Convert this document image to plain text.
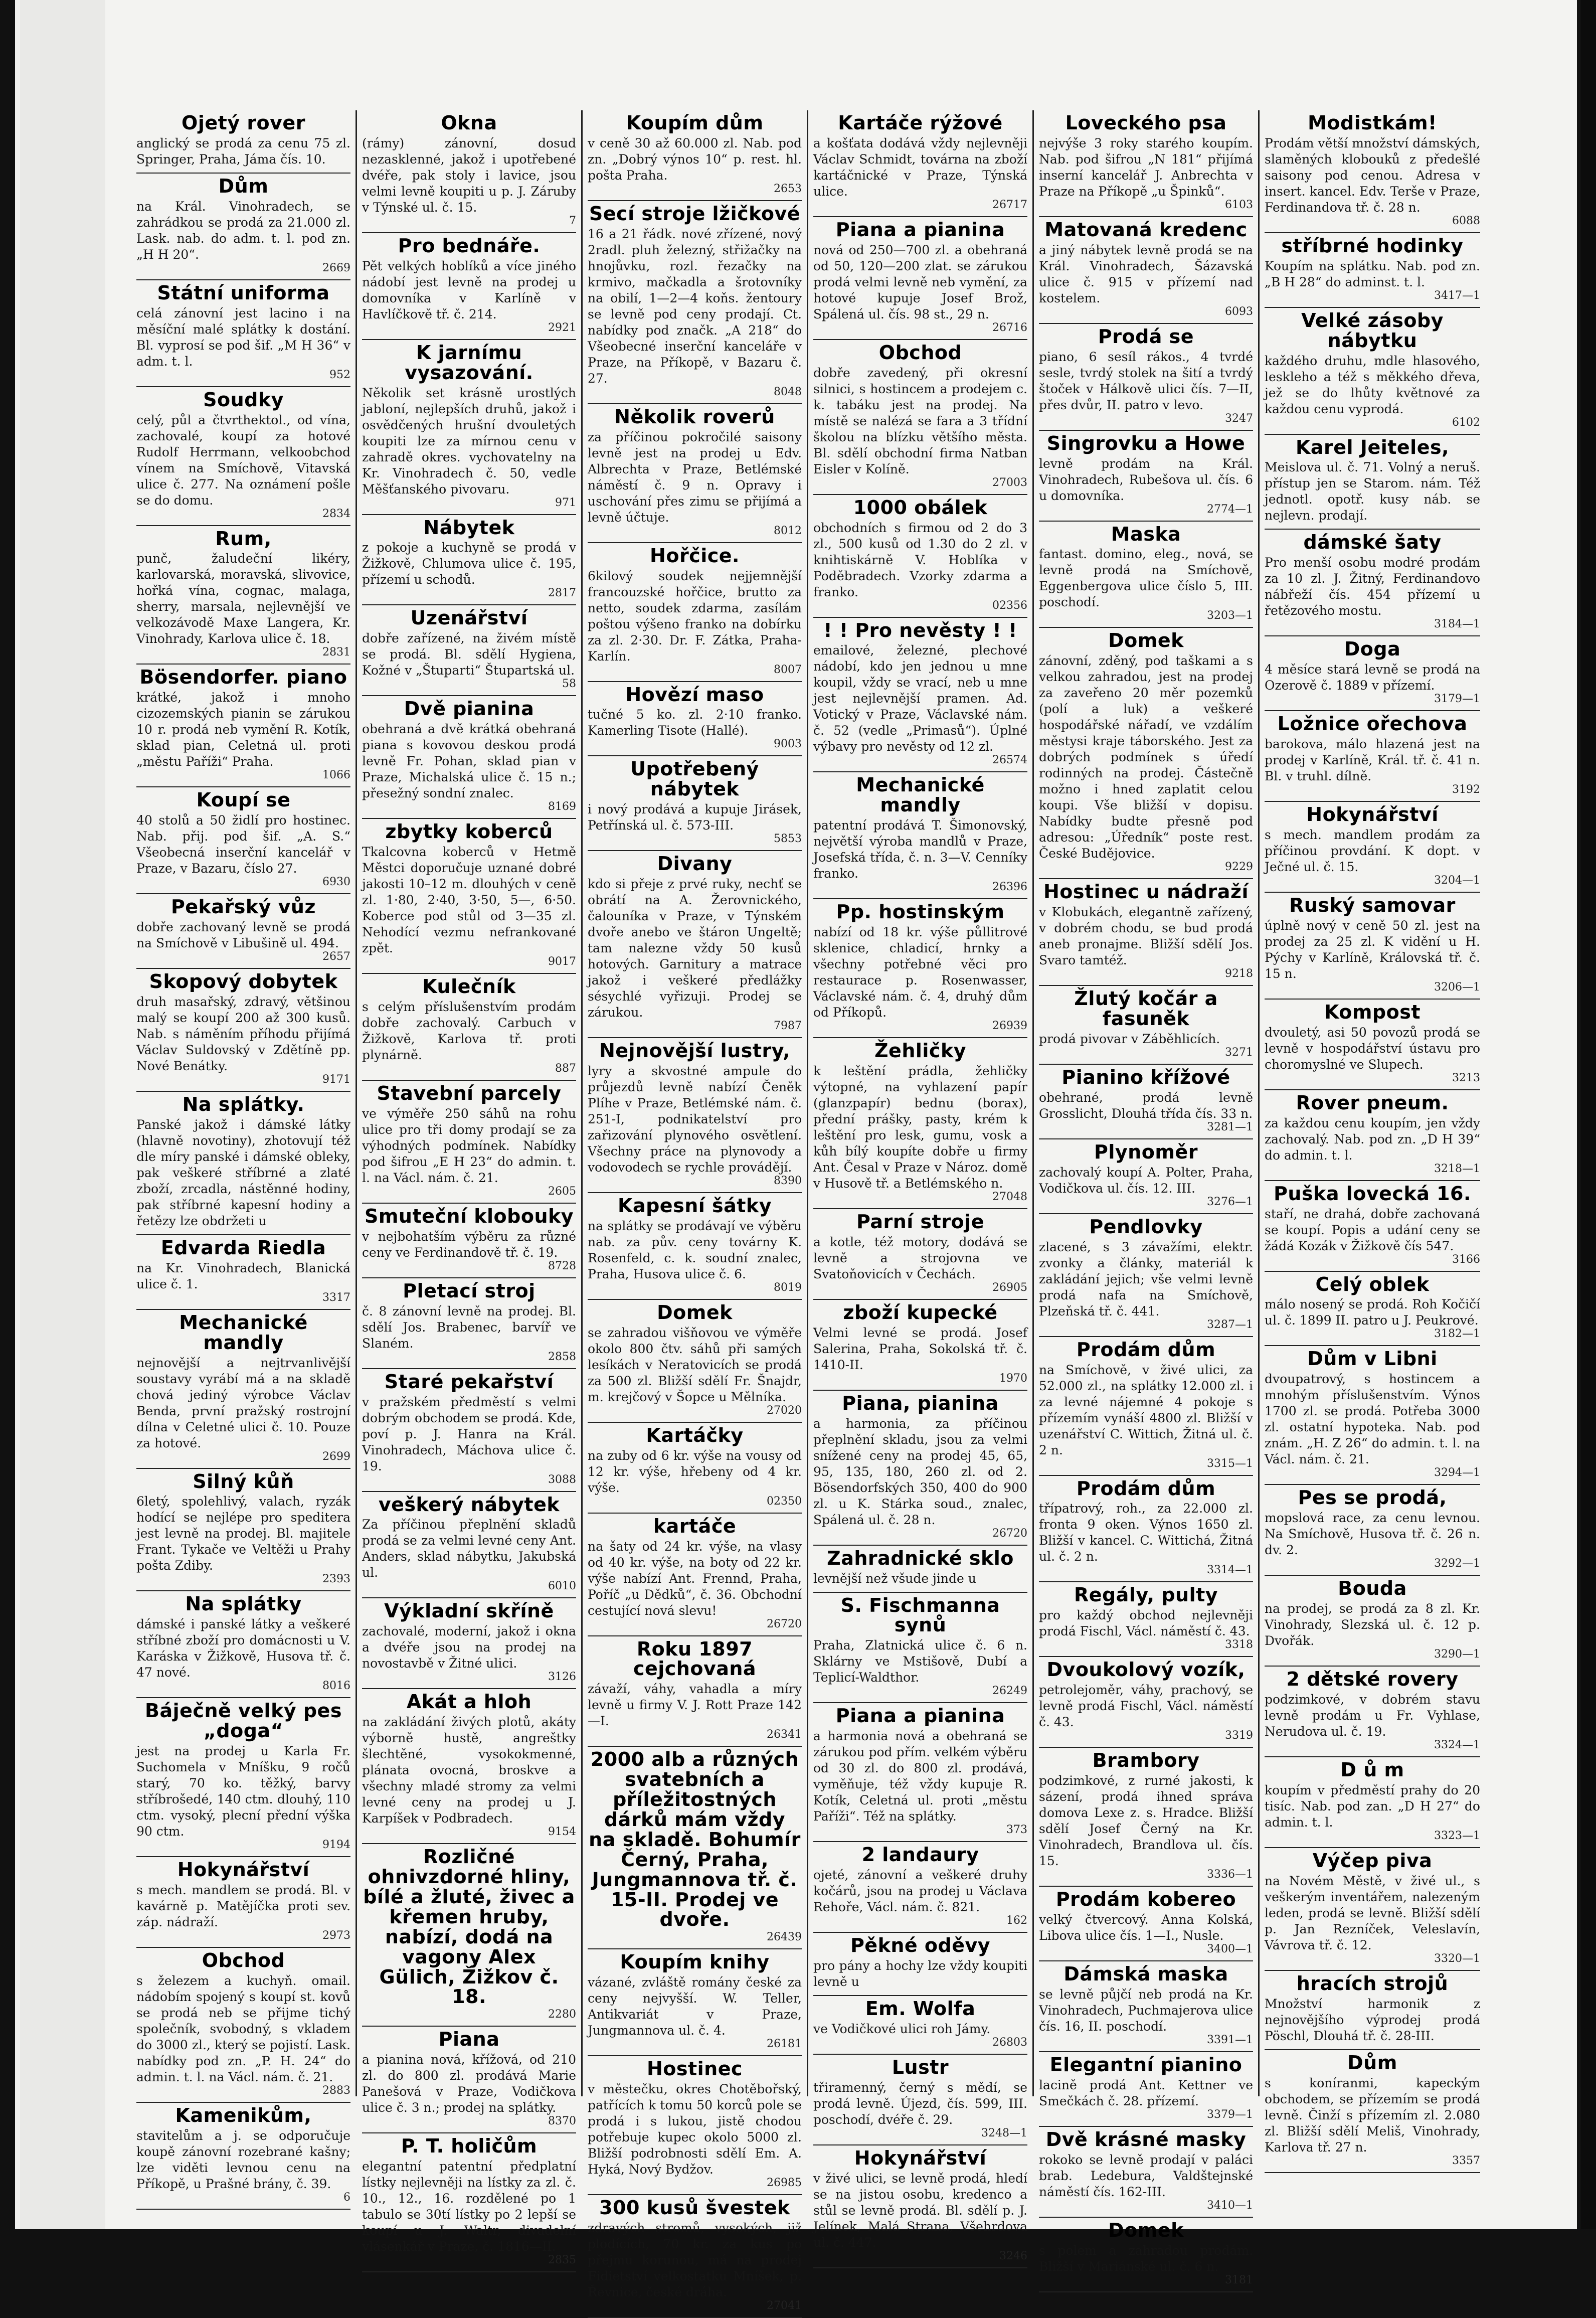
Ojetý rover
anglický se prodá za cenu 75 zl. Springer, Praha, Jáma čís. 10.
Dům
na Král. Vinohradech, se zahrádkou se prodá za 21.000 zl. Lask. nab. do adm. t. l. pod zn. „H H 20“.
2669
Státní uniforma
celá zánovní jest lacino i na měsíční malé splátky k dostání. Bl. vyprosí se pod šif. „M H 36“ v adm. t. l.
952
Soudky
celý, půl a čtvrthektol., od vína, zachovalé, koupí za hotové Rudolf Herrmann, velkoobchod vínem na Smíchově, Vitavská ulice č. 277. Na oznámení pošle se do domu.
2834
Rum,
punč, žaludeční likéry, karlovarská, moravská, slivovice, hořká vína, cognac, malaga, sherry, marsala, nejlevnější ve velkozávodě Maxe Langera, Kr. Vinohrady, Karlova ulice č. 18.
2831
Bösendorfer. piano
krátké, jakož i mnoho cizozemských pianin se zárukou 10 r. prodá neb vymění R. Kotík, sklad pian, Celetná ul. proti „městu Paříži“ Praha.
1066
Koupí se
40 stolů a 50 židlí pro hostinec. Nab. přij. pod šif. „A. S.“ Všeobecná inserční kancelář v Praze, v Bazaru, číslo 27.
6930
Pekařský vůz
dobře zachovaný levně se prodá na Smíchově v Libušině ul. 494.
2657
Skopový dobytek
druh masařský, zdravý, většinou malý se koupí 200 až 300 kusů. Nab. s náměním příhodu přijímá Václav Suldovský v Zdětíně pp. Nové Benátky.
9171
Na splátky.
Panské jakož i dámské látky (hlavně novotiny), zhotovují též dle míry panské i dámské obleky, pak veškeré stříbrné a zlaté zboží, zrcadla, nástěnné hodiny, pak stříbrné kapesní hodiny a řetězy lze obdržeti u
Edvarda Riedla
na Kr. Vinohradech, Blanická ulice č. 1.
3317
Mechanické mandly
nejnovější a nejtrvanlivější soustavy vyrábí má a na skladě chová jediný výrobce Václav Benda, první pražský rostrojní dílna v Celetné ulici č. 10. Pouze za hotové.
2699
Silný kůň
6letý, spolehlivý, valach, ryzák hodící se nejlépe pro speditera jest levně na prodej. Bl. majitele Frant. Tykače ve Veltěži u Prahy pošta Zdiby.
2393
Na splátky
dámské i panské látky a veškeré stříbné zboží pro domácnosti u V. Karáska v Žižkově, Husova tř. č. 47 nové.
8016
Báječně velký pes „doga“
jest na prodej u Karla Fr. Suchomela v Mníšku, 9 ročů starý, 70 ko. těžký, barvy stříbrošedé, 140 ctm. dlouhý, 110 ctm. vysoký, plecní přední výška 90 ctm.
9194
Hokynářství
s mech. mandlem se prodá. Bl. v kavárně p. Matějíčka proti sev. záp. nádraží.
2973
Obchod
s železem a kuchyň. omail. nádobím spojený s koupí st. kovů se prodá neb se přijme tichý společník, svobodný, s vkladem do 3000 zl., který se pojistí. Lask. nabídky pod zn. „P. H. 24“ do admin. t. l. na Václ. nám. č. 21.
2883
Kamenikům,
stavitelům a j. se odporučuje koupě zánovní rozebrané kašny; lze viděti levnou cenu na Příkopě, u Prašné brány, č. 39.
6
Okna
(rámy) zánovní, dosud nezasklenné, jakož i upotřebené dvéře, pak stoly i lavice, jsou velmi levně koupiti u p. J. Záruby v Týnské ul. č. 15.
7
Pro bednáře.
Pět velkých hoblíků a více jiného nádobí jest levně na prodej u domovníka v Karlíně v Havlíčkově tř. č. 214.
2921
K jarnímu vysazování.
Několik set krásně urostlých jabloní, nejlepších druhů, jakož i osvědčených hrušní dvouletých koupiti lze za mírnou cenu v zahradě okres. vychovatelny na Kr. Vinohradech č. 50, vedle Měšťanského pivovaru.
971
Nábytek
z pokoje a kuchyně se prodá v Žižkově, Chlumova ulice č. 195, přízemí u schodů.
2817
Uzenářství
dobře zařízené, na živém místě se prodá. Bl. sdělí Hygiena, Kožné v „Štuparti“ Štupartská ul.
58
Dvě pianina
obehraná a dvě krátká obehraná piana s kovovou deskou prodá levně Fr. Pohan, sklad pian v Praze, Michalská ulice č. 15 n.; přesežný sondní znalec.
8169
zbytky koberců
Tkalcovna koberců v Hetmě Městci doporučuje uznané dobré jakosti 10–12 m. dlouhých v ceně zl. 1·80, 2·40, 3·50, 5—, 6·50. Koberce pod stůl od 3—35 zl. Nehodící vezmu nefrankované zpět.
9017
Kulečník
s celým příslušenstvím prodám dobře zachovalý. Carbuch v Žižkově, Karlova tř. proti plynárně.
887
Stavební parcely
ve výměře 250 sáhů na rohu ulice pro tři domy prodají se za výhodných podmínek. Nabídky pod šifrou „E H 23“ do admin. t. l. na Václ. nám. č. 21.
2605
Smuteční klobouky
v nejbohatším výběru za různé ceny ve Ferdinandově tř. č. 19.
8728
Pletací stroj
č. 8 zánovní levně na prodej. Bl. sdělí Jos. Brabenec, barvíř ve Slaném.
2858
Staré pekařství
v pražském předměstí s velmi dobrým obchodem se prodá. Kde, poví p. J. Hanra na Král. Vinohradech, Máchova ulice č. 19.
3088
veškerý nábytek
Za příčinou přeplnění skladů prodá se za velmi levné ceny Ant. Anders, sklad nábytku, Jakubská ul.
6010
Výkladní skříně
zachovalé, moderní, jakož i okna a dvéře jsou na prodej na novostavbě v Žitné ulici.
3126
Akát a hloh
na zakládání živých plotů, akáty výborně hustě, angreštky šlechtěné, vysokokmenné, plánata ovocná, broskve a všechny mladé stromy za velmi levné ceny na prodej u J. Karpíšek v Podbradech.
9154
Rozličné ohnivzdorné hliny, bílé a žluté, živec a křemen hruby, nabízí, dodá na vagony Alex Gülich, Žižkov č. 18.
2280
Piana
a pianina nová, křížová, od 210 zl. do 800 zl. prodává Marie Panešová v Praze, Vodičkova ulice č. 3 n.; prodej na splátky.
8370
P. T. holičům
elegantní patentní předplatní lístky nejlevněji na lístky za zl. č. 10., 12., 16. rozdělené po 1 tabulo se 30tí lístky po 2 lepší se koupí u J. Waltr, divadelní vlásenkář v Praze, č. 1816—II.
2835
Koupím dům
v ceně 30 až 60.000 zl. Nab. pod zn. „Dobrý výnos 10“ p. rest. hl. pošta Praha.
2653
Secí stroje lžičkové
16 a 21 řádk. nové zřízené, nový 2radl. pluh železný, střižačky na hnojůvku, rozl. řezačky na krmivo, mačkadla a šrotovníky na obilí, 1—2—4 koňs. žentoury se levně pod ceny prodají. Ct. nabídky pod značk. „A 218“ do Všeobecné inserční kanceláře v Praze, na Příkopě, v Bazaru č. 27.
8048
Několik roverů
za příčinou pokročilé saisony levně jest na prodej u Edv. Albrechta v Praze, Betlémské náměstí č. 9 n. Opravy i uschování přes zimu se přijímá a levně účtuje.
8012
Hořčice.
6kilový soudek nejjemnější francouzské hořčice, brutto za netto, soudek zdarma, zasílám poštou výšeno franko na dobírku za zl. 2·30. Dr. F. Zátka, Praha-Karlín.
8007
Hovězí maso
tučné 5 ko. zl. 2·10 franko. Kamerling Tisote (Hallé).
9003
Upotřebený nábytek
i nový prodává a kupuje Jirásek, Petřínská ul. č. 573-III.
5853
Divany
kdo si přeje z prvé ruky, nechť se obrátí na A. Žerovnického, čalouníka v Praze, v Týnském dvoře anebo ve štáron Ungeltě; tam nalezne vždy 50 kusů hotových. Garnitury a matrace jakož i veškeré předlážky sésychlé vyřizuji. Prodej se zárukou.
7987
Nejnovější lustry,
lyry a skvostné ampule do průjezdů levně nabízí Čeněk Plíhe v Praze, Betlémské nám. č. 251-I, podnikatelství pro zařizování plynového osvětlení. Všechny práce na plynovody a vodovodech se rychle provádějí.
8390
Kapesní šátky
na splátky se prodávají ve výběru nab. za pův. ceny továrny K. Rosenfeld, c. k. soudní znalec, Praha, Husova ulice č. 6.
8019
Domek
se zahradou višňovou ve výměře okolo 800 čtv. sáhů při samých lesíkách v Neratovicích se prodá za 500 zl. Bližší sdělí Fr. Šnajdr, m. krejčový v Šopce u Mělníka.
27020
Kartáčky
na zuby od 6 kr. výše na vousy od 12 kr. výše, hřebeny od 4 kr. výše.
02350
kartáče
na šaty od 24 kr. výše, na vlasy od 40 kr. výše, na boty od 22 kr. výše nabízí Ant. Frennd, Praha, Poříč „u Dědků“, č. 36. Obchodní cestující nová slevu!
26720
Roku 1897 cejchovaná
závaží, váhy, vahadla a míry levně u firmy V. J. Rott Praze 142—I.
26341
2000 alb a různých svatebních a příležitostných dárků mám vždy na skladě. Bohumír Černý, Praha, Jungmannova tř. č. 15-II. Prodej ve dvoře.
26439
Koupím knihy
vázané, zvláště romány české za ceny nejvyšší. W. Teller, Antikvariát v Praze, Jungmannova ul. č. 4.
26181
Hostinec
v městečku, okres Chotěbořský, patřících k tomu 50 korců pole se prodá i s lukou, jistě chodou potřebuje kupec okolo 5000 zl. Bližší podrobnosti sdělí Em. A. Hyká, Nový Bydžov.
26985
300 kusů švestek
zdravých stromů, vysokých, již plodících, 70 kr. za kus po přejmu korunou, má na prodej Fidietství velkostatku Mníšek, p. Řevnice, české dráha.
27041
Kartáče rýžové
a košťata dodává vždy nejlevněji Václav Schmidt, továrna na zboží kartáčnické v Praze, Týnská ulice.
26717
Piana a pianina
nová od 250—700 zl. a obehraná od 50, 120—200 zlat. se zárukou prodá velmi levně neb vymění, za hotové kupuje Josef Brož, Spálená ul. čís. 98 st., 29 n.
26716
Obchod
dobře zavedený, při okresní silnici, s hostincem a prodejem c. k. tabáku jest na prodej. Na místě se nalézá se fara a 3 třídní školou na blízku většího města. Bl. sdělí obchodní firma Natban Eisler v Kolíně.
27003
1000 obálek
obchodních s firmou od 2 do 3 zl., 500 kusů od 1.30 do 2 zl. v knihtiskárně V. Hoblíka v Poděbradech. Vzorky zdarma a franko.
02356
! ! Pro nevěsty ! !
emailové, železné, plechové nádobí, kdo jen jednou u mne koupil, vždy se vrací, neb u mne jest nejlevnější pramen. Ad. Votický v Praze, Václavské nám. č. 52 (vedle „Primasů“). Úplné výbavy pro nevěsty od 12 zl.
26574
Mechanické mandly
patentní prodává T. Šimonovský, největší výroba mandlů v Praze, Josefská třída, č. n. 3—V. Cenníky franko.
26396
Pp. hostinským
nabízí od 18 kr. výše půllitrové sklenice, chladicí, hrnky a všechny potřebné věci pro restaurace p. Rosenwasser, Václavské nám. č. 4, druhý dům od Příkopů.
26939
Žehličky
k leštění prádla, žehličky výtopné, na vyhlazení papír (glanzpapír) bednu (borax), přední prášky, pasty, krém k leštění pro lesk, gumu, vosk a kůh bílý koupíte dobře u firmy Ant. Česal v Praze v Nároz. domě v Husově tř. a Betlémského n.
27048
Parní stroje
a kotle, též motory, dodává se levně a strojovna ve Svatoňovicích v Čechách.
26905
zboží kupecké
Velmi levné se prodá. Josef Salerina, Praha, Sokolská tř. č. 1410-II.
1970
Piana, pianina
a harmonia, za příčinou přeplnění skladu, jsou za velmi snížené ceny na prodej 45, 65, 95, 135, 180, 260 zl. od 2. Bösendorfských 350, 400 do 900 zl. u K. Stárka soud., znalec, Spálená ul. č. 28 n.
26720
Zahradnické sklo
levnější než všude jinde u
S. Fischmanna synů
Praha, Zlatnická ulice č. 6 n. Sklárny ve Mstišově, Dubí a Teplicí-Waldthor.
26249
Piana a pianina
a harmonia nová a obehraná se zárukou pod přím. velkém výběru od 30 zl. do 800 zl. prodává, vyměňuje, též vždy kupuje R. Kotík, Celetná ul. proti „městu Paříži“. Též na splátky.
373
2 landaury
ojeté, zánovní a veškeré druhy kočárů, jsou na prodej u Václava Rehoře, Václ. nám. č. 821.
162
Pěkné oděvy
pro pány a hochy lze vždy koupiti levně u
Em. Wolfa
ve Vodičkové ulici roh Jámy.
26803
Lustr
třiramenný, černý s mědí, se prodá levně. Újezd, čís. 599, III. poschodí, dvéře č. 29.
3248—1
Hokynářství
v živé ulici, se levně prodá, hledí se na jistou osobu, kredenco a stůl se levně prodá. Bl. sdělí p. J. Jelínek, Malá Strana, Všehrdova ul. č. 447.
3246
Loveckého psa
nejvýše 3 roky starého koupím. Nab. pod šifrou „N 181“ přijímá inserní kancelář J. Anbrechta v Praze na Příkopě „u Špinků“.
6103
Matovaná kredenc
a jiný nábytek levně prodá se na Král. Vinohradech, Šázavská ulice č. 915 v přízemí nad kostelem.
6093
Prodá se
piano, 6 sesíl rákos., 4 tvrdé sesle, tvrdý stolek na šití a tvrdý štoček v Hálkově ulici čís. 7—II, přes dvůr, II. patro v levo.
3247
Singrovku a Howe
levně prodám na Král. Vinohradech, Rubešova ul. čís. 6 u domovníka.
2774—1
Maska
fantast. domino, eleg., nová, se levně prodá na Smíchově, Eggenbergova ulice číslo 5, III. poschodí.
3203—1
Domek
zánovní, zděný, pod taškami a s velkou zahradou, jest na prodej za zaveřeno 20 měr pozemků (polí a luk) a veškeré hospodářské nářadí, ve vzdálím městysi kraje táborského. Jest za dobrých podmínek s úředí rodinných na prodej. Částečně možno i hned zaplatit celou koupi. Vše bližší v dopisu. Nabídky budte přesně pod adresou: „Úředník“ poste rest. České Budějovice.
9229
Hostinec u nádraží
v Klobukách, elegantně zařízený, v dobrém chodu, se bud prodá aneb pronajme. Bližší sdělí Jos. Svaro tamtéž.
9218
Žlutý kočár a fasuněk
prodá pivovar v Záběhlicích.
3271
Pianino křížové
obehrané, prodá levně Grosslicht, Dlouhá třída čís. 33 n.
3281—1
Plynoměr
zachovalý koupí A. Polter, Praha, Vodičkova ul. čís. 12. III.
3276—1
Pendlovky
zlacené, s 3 závažími, elektr. zvonky a články, materiál k zakládání jejich; vše velmi levně prodá nafa na Smíchově, Plzeňská tř. č. 441.
3287—1
Prodám dům
na Smíchově, v živé ulici, za 52.000 zl., na splátky 12.000 zl. i za levné nájemné 4 pokoje s přízemím vynáší 4800 zl. Bližší v uzenářství C. Wittich, Žitná ul. č. 2 n.
3315—1
Prodám dům
třípatrový, roh., za 22.000 zl. fronta 9 oken. Výnos 1650 zl. Bližší v kancel. C. Wittichá, Žitná ul. č. 2 n.
3314—1
Regály, pulty
pro každý obchod nejlevněji prodá Fischl, Václ. náměstí č. 43.
3318
Dvoukolový vozík,
petrolejoměr, váhy, prachový, se levně prodá Fischl, Václ. náměstí č. 43.
3319
Brambory
podzimkové, z rurné jakosti, k sázení, prodá ihned správa domova Lexe z. s. Hradce. Bližší sdělí Josef Černý na Kr. Vinohradech, Brandlova ul. čís. 15.
3336—1
Prodám kobereo
velký čtvercový. Anna Kolská, Libova ulice čís. 1—I., Nusle.
3400—1
Dámská maska
se levně půjčí neb prodá na Kr. Vinohradech, Puchmajerova ulice čís. 16, II. poschodí.
3391—1
Elegantní pianino
lacině prodá Ant. Kettner ve Smečkách č. 28. přízemí.
3379—1
Dvě krásné masky
rokoko se levně prodají v paláci brab. Ledebura, Valdštejnské náměstí čís. 162-III.
3410—1
Domek
s polem a zahradou prodám. Bližší v Mariánské ul. č. 6 n.
3181
Modistkám!
Prodám větší množství dámských, slaměných klobouků z předešlé saisony pod cenou. Adresa v insert. kancel. Edv. Terše v Praze, Ferdinandova tř. č. 28 n.
6088
stříbrné hodinky
Koupím na splátku. Nab. pod zn. „B H 28“ do adminst. t. l.
3417—1
Velké zásoby nábytku
každého druhu, mdle hlasového, leskleho a též s měkkého dřeva, jež se do lhůty květnové za každou cenu vyprodá.
6102
Karel Jeiteles,
Meislova ul. č. 71. Volný a neruš. přístup jen se Starom. nám. Též jednotl. opotř. kusy náb. se nejlevn. prodají.
dámské šaty
Pro menší osobu modré prodám za 10 zl. J. Žitný, Ferdinandovo nábřeží čís. 454 přízemí u řetězového mostu.
3184—1
Doga
4 měsíce stará levně se prodá na Ozerově č. 1889 v přízemí.
3179—1
Ložnice ořechova
barokova, málo hlazená jest na prodej v Karlíně, Král. tř. č. 41 n. Bl. v truhl. dílně.
3192
Hokynářství
s mech. mandlem prodám za příčinou provdání. K dopt. v Ječné ul. č. 15.
3204—1
Ruský samovar
úplně nový v ceně 50 zl. jest na prodej za 25 zl. K vidění u H. Pýchy v Karlíně, Královská tř. č. 15 n.
3206—1
Kompost
dvouletý, asi 50 povozů prodá se levně v hospodářství ústavu pro choromyslné ve Slupech.
3213
Rover pneum.
za každou cenu koupím, jen vždy zachovalý. Nab. pod zn. „D H 39“ do admin. t. l.
3218—1
Puška lovecká 16.
staří, ne drahá, dobře zachovaná se koupí. Popis a udání ceny se žádá Kozák v Žižkově čís 547.
3166
Celý oblek
málo nosený se prodá. Roh Kočičí ul. č. 1899 II. patro u J. Peukrové.
3182—1
Dům v Libni
dvoupatrový, s hostincem a mnohým příslušenstvím. Výnos 1700 zl. se prodá. Potřeba 3000 zl. ostatní hypoteka. Nab. pod znám. „H. Z 26“ do admin. t. l. na Václ. nám. č. 21.
3294—1
Pes se prodá,
mopslová race, za cenu levnou. Na Smíchově, Husova tř. č. 26 n. dv. 2.
3292—1
Bouda
na prodej, se prodá za 8 zl. Kr. Vinohrady, Slezská ul. č. 12 p. Dvořák.
3290—1
2 dětské rovery
podzimkové, v dobrém stavu levně prodám u Fr. Vyhlase, Nerudova ul. č. 19.
3324—1
D ů m
koupím v předměstí prahy do 20 tisíc. Nab. pod zan. „D H 27“ do admin. t. l.
3323—1
Výčep piva
na Novém Městě, v živé ul., s veškerým inventářem, nalezeným leden, prodá se levně. Bližší sdělí p. Jan Rezníček, Veleslavín, Vávrova tř. č. 12.
3320—1
hracích strojů
Množství harmonik z nejnovějšího výprodej prodá Pöschl, Dlouhá tř. č. 28-III.
Dům
s koníranmi, kapeckým obchodem, se přízemím se prodá levně. Činží s přízemím zl. 2.080 zl. Bližší sdělí Meliš, Vinohrady, Karlova tř. 27 n.
3357
